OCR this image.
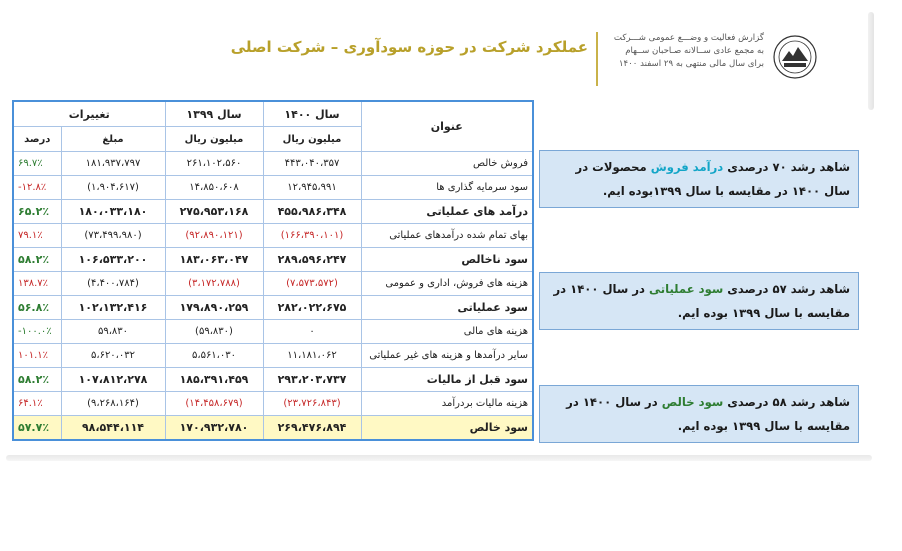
گزارش فعالیت و وضـــع عمومی شـــرکت
به مجمع عادی ســالانه صـاحبان ســهام
برای سال مالی منتهی به ۲۹ اسفند ۱۴۰۰
عملکرد شرکت در حوزه سودآوری – شرکت اصلی
عنوان	سال ۱۴۰۰	سال ۱۳۹۹	تغییرات	
	میلیون ریال	میلیون ریال	مبلغ	درصد
فروش خالص	۴۴۳،۰۴۰،۳۵۷	۲۶۱،۱۰۲،۵۶۰	۱۸۱،۹۳۷،۷۹۷	۶۹.۷٪
سود سرمایه گذاری ها	۱۲،۹۴۵،۹۹۱	۱۴،۸۵۰،۶۰۸	(۱،۹۰۴،۶۱۷)	-۱۲.۸٪
درآمد های عملیاتی	۴۵۵،۹۸۶،۳۴۸	۲۷۵،۹۵۳،۱۶۸	۱۸۰،۰۳۳،۱۸۰	۶۵.۲٪
بهای تمام شده درآمدهای عملیاتی	(۱۶۶،۳۹۰،۱۰۱)	(۹۲،۸۹۰،۱۲۱)	(۷۳،۴۹۹،۹۸۰)	۷۹.۱٪
سود ناخالص	۲۸۹،۵۹۶،۲۴۷	۱۸۳،۰۶۳،۰۴۷	۱۰۶،۵۳۳،۲۰۰	۵۸.۲٪
هزینه های فروش، اداری و عمومی	(۷،۵۷۳،۵۷۲)	(۳،۱۷۲،۷۸۸)	(۴،۴۰۰،۷۸۴)	۱۳۸.۷٪
سود عملیاتی	۲۸۲،۰۲۲،۶۷۵	۱۷۹،۸۹۰،۲۵۹	۱۰۲،۱۳۲،۴۱۶	۵۶.۸٪
هزینه های مالی	۰	(۵۹،۸۳۰)	۵۹،۸۳۰	-۱۰۰.۰٪
سایر درآمدها و هزینه های غیر عملیاتی	۱۱،۱۸۱،۰۶۲	۵،۵۶۱،۰۳۰	۵،۶۲۰،۰۳۲	۱۰۱.۱٪
سود قبل از مالیات	۲۹۳،۲۰۳،۷۳۷	۱۸۵،۳۹۱،۴۵۹	۱۰۷،۸۱۲،۲۷۸	۵۸.۲٪
هزینه مالیات بردرآمد	(۲۳،۷۲۶،۸۴۳)	(۱۴،۴۵۸،۶۷۹)	(۹،۲۶۸،۱۶۴)	۶۴.۱٪
سود خالص	۲۶۹،۴۷۶،۸۹۴	۱۷۰،۹۳۲،۷۸۰	۹۸،۵۴۴،۱۱۴	۵۷.۷٪
شاهد رشد ۷۰ درصدی درآمد فروش محصولات در سال ۱۴۰۰ در مقایسه با سال ۱۳۹۹بوده ایم.
شاهد رشد ۵۷ درصدی سود عملیاتی در سال ۱۴۰۰ در مقایسه با سال ۱۳۹۹ بوده ایم.
شاهد رشد ۵۸ درصدی سود خالص در سال ۱۴۰۰ در مقایسه با سال ۱۳۹۹ بوده ایم.
